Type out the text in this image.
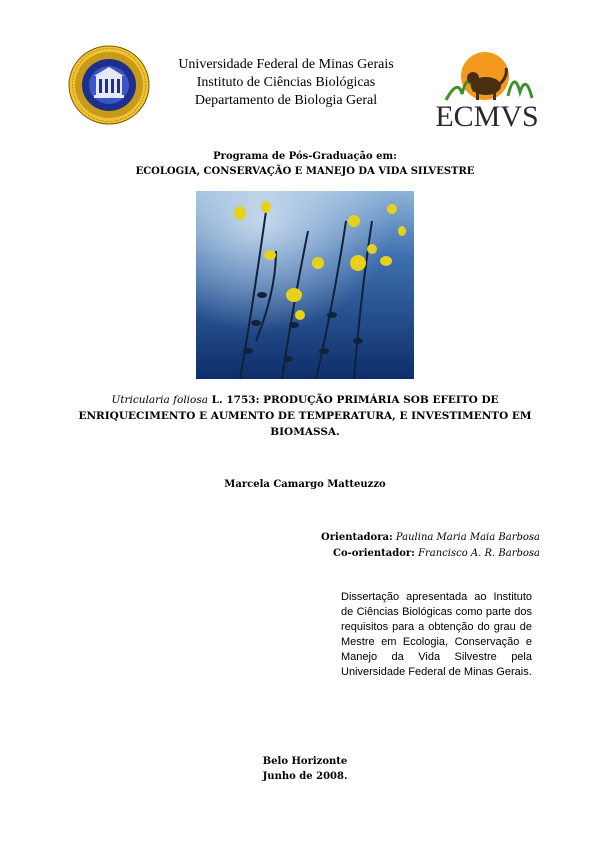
Universidade Federal de Minas Gerais
Instituto de Ciências Biológicas
Departamento de Biologia Geral	ECMVS
Programa de Pós-Graduação em:
ECOLOGIA, CONSERVAÇÃO E MANEJO DA VIDA SILVESTRE
Utricularia foliosa L. 1753: PRODUÇÃO PRIMÁRIA SOB EFEITO DE
ENRIQUECIMENTO E AUMENTO DE TEMPERATURA, E INVESTIMENTO EM
BIOMASSA.
Marcela Camargo Matteuzzo
Orientadora: Paulina Maria Maia Barbosa
Co-orientador: Francisco A. R. Barbosa
Dissertação apresentada ao Instituto de Ciências Biológicas como parte dos requisitos para a obtenção do grau de Mestre em Ecologia, Conservação e Manejo da Vida Silvestre pela Universidade Federal de Minas Gerais.
Belo Horizonte
Junho de 2008.
